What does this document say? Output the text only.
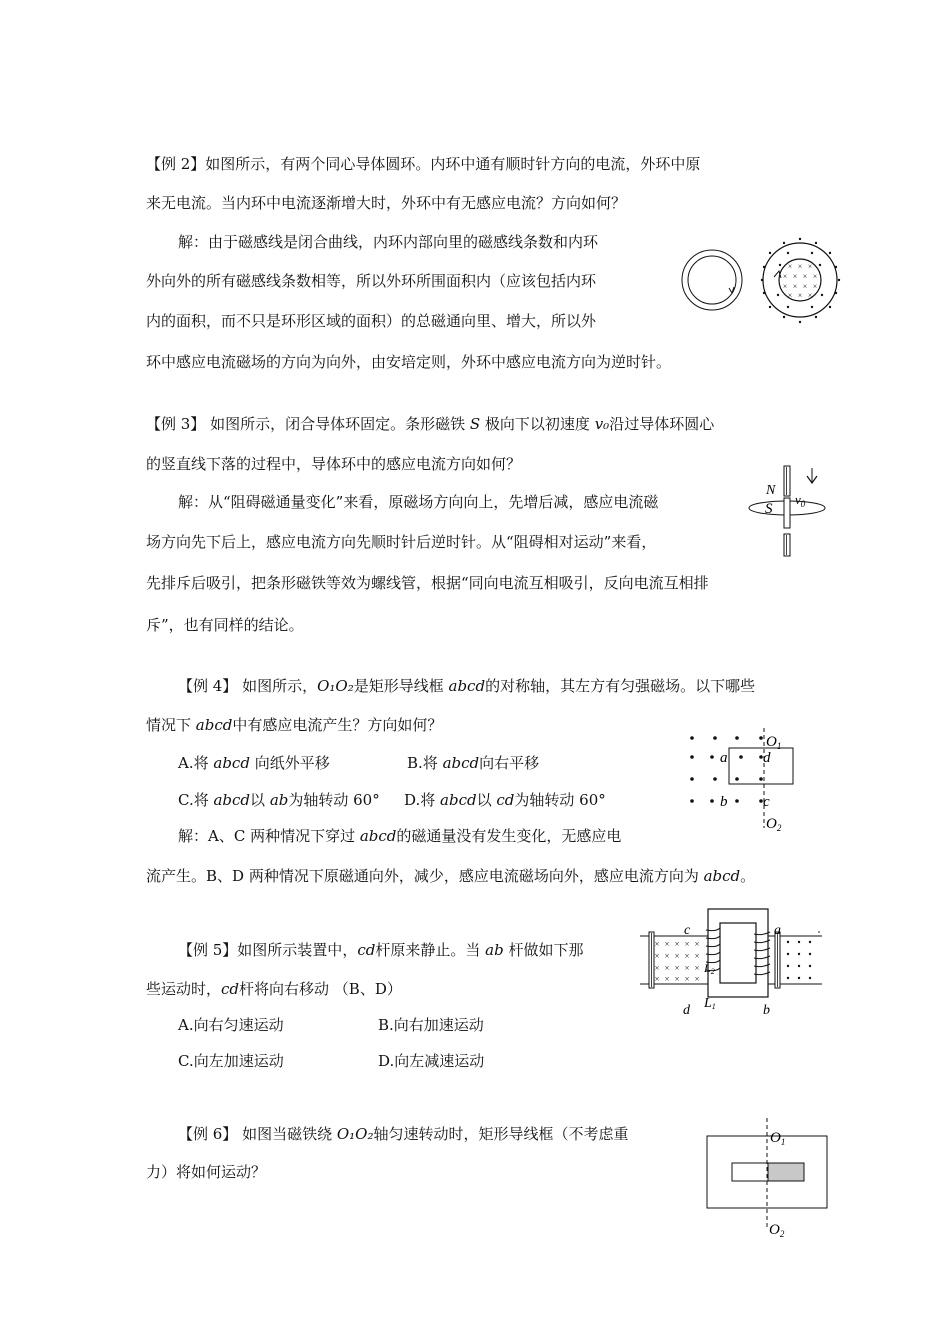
【例 2】如图所示，有两个同心导体圆环。内环中通有顺时针方向的电流，外环中原
来无电流。当内环中电流逐渐增大时，外环中有无感应电流？方向如何？
解：由于磁感线是闭合曲线，内环内部向里的磁感线条数和内环
外向外的所有磁感线条数相等，所以外环所围面积内（应该包括内环
内的面积，而不只是环形区域的面积）的总磁通向里、增大，所以外
环中感应电流磁场的方向为向外，由安培定则，外环中感应电流方向为逆时针。
× × ×
× × × ×
× × × ×
× × ×
【例 3】 如图所示，闭合导体环固定。条形磁铁 S 极向下以初速度 v₀沿过导体环圆心
的竖直线下落的过程中，导体环中的感应电流方向如何？
解：从“阻碍磁通量变化”来看，原磁场方向向上，先增后减，感应电流磁
场方向先下后上，感应电流方向先顺时针后逆时针。从“阻碍相对运动”来看，
先排斥后吸引，把条形磁铁等效为螺线管，根据“同向电流互相吸引，反向电流互相排
斥”，也有同样的结论。
N
S
$v_0$
【例 4】 如图所示，O₁O₂是矩形导线框 abcd的对称轴，其左方有匀强磁场。以下哪些
情况下 abcd中有感应电流产生？方向如何？
A.将 abcd 向纸外平移	B.将 abcd向右平移
C.将 abcd以 ab为轴转动 60° D.将 abcd以 cd为轴转动 60°
解：A、C 两种情况下穿过 abcd的磁通量没有发生变化，无感应电
流产生。B、D 两种情况下原磁通向外，减少，感应电流磁场向外，感应电流方向为 abcd。
$O_1$
a d
b c
$O_2$
【例 5】如图所示装置中，cd杆原来静止。当 ab 杆做如下那
些运动时，cd杆将向右移动 （B、D）
A.向右匀速运动	B.向右加速运动
C.向左加速运动	D.向左减速运动
× × × × ×
× × × × ×
× × × × ×
× × × × ×
c
d
a
b
L2
L1
【例 6】 如图当磁铁绕 O₁O₂轴匀速转动时，矩形导线框（不考虑重
力）将如何运动？
$O_1$
$O_2$
